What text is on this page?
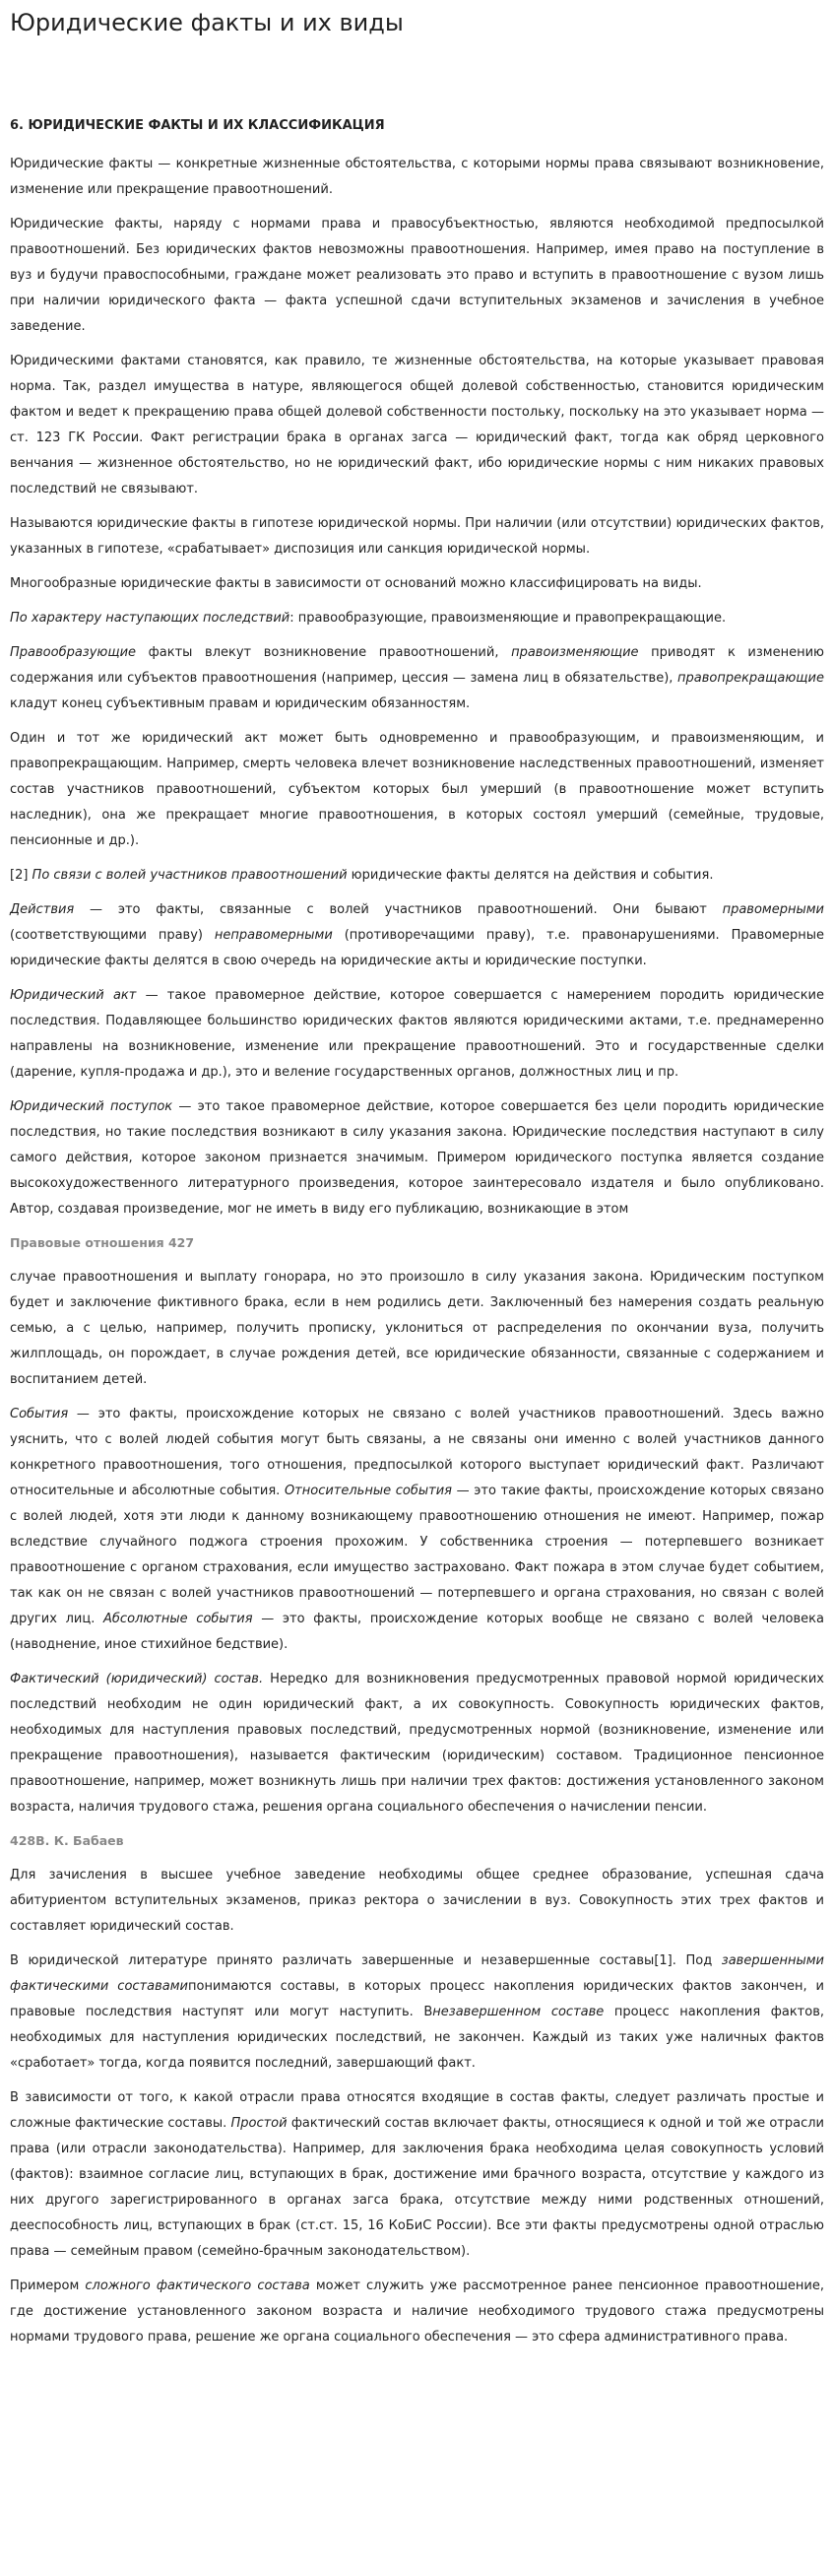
Юридические факты и их виды
6. ЮРИДИЧЕСКИЕ ФАКТЫ И ИХ КЛАССИФИКАЦИЯ

Юридические факты — конкретные жизненные обстоятельства, с которыми нормы права связывают возникновение, изменение или прекращение правоотношений.

Юридические факты, наряду с нормами права и правосубъектностью, являются необходимой предпосылкой правоотношений. Без юридических фактов невозможны правоотношения. Например, имея право на поступление в вуз и будучи правоспособными, граждане может реализовать это право и вступить в правоотношение с вузом лишь при наличии юридического факта — факта успешной сдачи вступительных экзаменов и зачисления в учебное заведение.

Юридическими фактами становятся, как правило, те жизненные обстоятельства, на которые указывает правовая норма. Так, раздел имущества в натуре, являющегося общей долевой собственностью, становится юридическим фактом и ведет к прекращению права общей долевой собственности постольку, поскольку на это указывает норма — ст. 123 ГК России. Факт регистрации брака в органах загса — юридический факт, тогда как обряд церковного венчания — жизненное обстоятельство, но не юридический факт, ибо юридические нормы с ним никаких правовых последствий не связывают.

Называются юридические факты в гипотезе юридической нормы. При наличии (или отсутствии) юридических фактов, указанных в гипотезе, «срабатывает» диспозиция или санкция юридической нормы.

Многообразные юридические факты в зависимости от оснований можно классифицировать на виды.

По характеру наступающих последствий: правообразующие, правоизменяющие и правопрекращающие.

Правообразующие факты влекут возникновение правоотношений, правоизменяющие приводят к изменению содержания или субъектов правоотношения (например, цессия — замена лиц в обязательстве), правопрекращающие кладут конец субъективным правам и юридическим обязанностям.

Один и тот же юридический акт может быть одновременно и правообразующим, и правоизменяющим, и правопрекращающим. Например, смерть человека влечет возникновение наследственных правоотношений, изменяет состав участников правоотношений, субъектом которых был умерший (в правоотношение может вступить наследник), она же прекращает многие правоотношения, в которых состоял умерший (семейные, трудовые, пенсионные и др.).

[2] По связи с волей участников правоотношений юридические факты делятся на действия и события.

Действия — это факты, связанные с волей участников правоотношений. Они бывают правомерными (соответствующими праву) неправомерными (противоречащими праву), т.е. правонарушениями. Правомерные юридические факты делятся в свою очередь на юридические акты и юридические поступки.

Юридический акт — такое правомерное действие, которое совершается с намерением породить юридические последствия. Подавляющее большинство юридических фактов являются юридическими актами, т.е. преднамеренно направлены на возникновение, изменение или прекращение правоотношений. Это и государственные сделки (дарение, купля-продажа и др.), это и веление государственных органов, должностных лиц и пр.

Юридический поступок — это такое правомерное действие, которое совершается без цели породить юридические последствия, но такие последствия возникают в силу указания закона. Юридические последствия наступают в силу самого действия, которое законом признается значимым. Примером юридического поступка является создание высокохудожественного литературного произведения, которое заинтересовало издателя и было опубликовано. Автор, создавая произведение, мог не иметь в виду его публикацию, возникающие в этом

Правовые отношения 427

случае правоотношения и выплату гонорара, но это произошло в силу указания закона. Юридическим поступком будет и заключение фиктивного брака, если в нем родились дети. Заключенный без намерения создать реальную семью, а с целью, например, получить прописку, уклониться от распределения по окончании вуза, получить жилплощадь, он порождает, в случае рождения детей, все юридические обязанности, связанные с содержанием и воспитанием детей.

События — это факты, происхождение которых не связано с волей участников правоотношений. Здесь важно уяснить, что с волей людей события могут быть связаны, а не связаны они именно с волей участников данного конкретного правоотношения, того отношения, предпосылкой которого выступает юридический факт. Различают относительные и абсолютные события. Относительные события — это такие факты, происхождение которых связано с волей людей, хотя эти люди к данному возникающему правоотношению отношения не имеют. Например, пожар вследствие случайного поджога строения прохожим. У собственника строения — потерпевшего возникает правоотношение с органом страхования, если имущество застраховано. Факт пожара в этом случае будет событием, так как он не связан с волей участников правоотношений — потерпевшего и органа страхования, но связан с волей других лиц. Абсолютные события — это факты, происхождение которых вообще не связано с волей человека (наводнение, иное стихийное бедствие).

Фактический (юридический) состав. Нередко для возникновения предусмотренных правовой нормой юридических последствий необходим не один юридический факт, а их совокупность. Совокупность юридических фактов, необходимых для наступления правовых последствий, предусмотренных нормой (возникновение, изменение или прекращение правоотношения), называется фактическим (юридическим) составом. Традиционное пенсионное правоотношение, например, может возникнуть лишь при наличии трех фактов: достижения установленного законом возраста, наличия трудового стажа, решения органа социального обеспечения о начислении пенсии.

428В. К. Бабаев

Для зачисления в высшее учебное заведение необходимы общее среднее образование, успешная сдача абитуриентом вступительных экзаменов, приказ ректора о зачислении в вуз. Совокупность этих трех фактов и составляет юридический состав.

В юридической литературе принято различать завершенные и незавершенные составы[1]. Под завершенными фактическими составамипонимаются составы, в которых процесс накопления юридических фактов закончен, и правовые последствия наступят или могут наступить. Внезавершенном составе процесс накопления фактов, необходимых для наступления юридических последствий, не закончен. Каждый из таких уже наличных фактов «сработает» тогда, когда появится последний, завершающий факт.

В зависимости от того, к какой отрасли права относятся входящие в состав факты, следует различать простые и сложные фактические составы. Простой фактический состав включает факты, относящиеся к одной и той же отрасли права (или отрасли законодательства). Например, для заключения брака необходима целая совокупность условий (фактов): взаимное согласие лиц, вступающих в брак, достижение ими брачного возраста, отсутствие у каждого из них другого зарегистрированного в органах загса брака, отсутствие между ними родственных отношений, дееспособность лиц, вступающих в брак (ст.ст. 15, 16 КоБиС России). Все эти факты предусмотрены одной отраслью права — семейным правом (семейно-брачным законодательством).

Примером сложного фактического состава может служить уже рассмотренное ранее пенсионное правоотношение, где достижение установленного законом возраста и наличие необходимого трудового стажа предусмотрены нормами трудового права, решение же органа социального обеспечения — это сфера административного права.
